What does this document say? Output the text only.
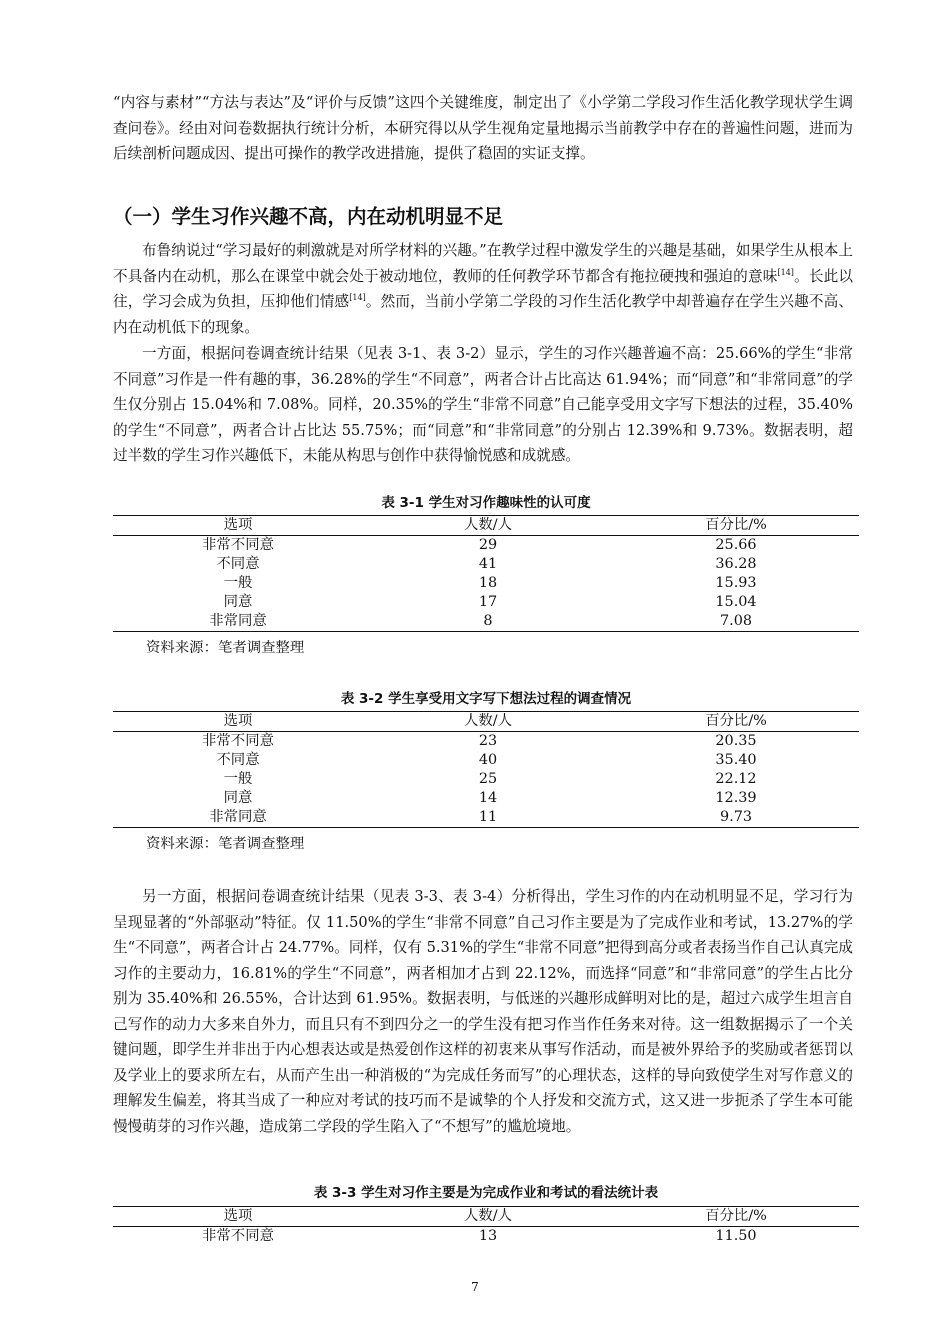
“内容与素材”“方法与表达”及“评价与反馈”这四个关键维度，制定出了《小学第二学段习作生活化教学现状学生调查问卷》。经由对问卷数据执行统计分析，本研究得以从学生视角定量地揭示当前教学中存在的普遍性问题，进而为后续剖析问题成因、提出可操作的教学改进措施，提供了稳固的实证支撑。

（一）学生习作兴趣不高，内在动机明显不足

布鲁纳说过“学习最好的刺激就是对所学材料的兴趣。”在教学过程中激发学生的兴趣是基础，如果学生从根本上不具备内在动机，那么在课堂中就会处于被动地位，教师的任何教学环节都含有拖拉硬拽和强迫的意味[14]。长此以往，学习会成为负担，压抑他们情感[14]。然而，当前小学第二学段的习作生活化教学中却普遍存在学生兴趣不高、内在动机低下的现象。

一方面，根据问卷调查统计结果（见表 3-1、表 3-2）显示，学生的习作兴趣普遍不高：25.66%的学生“非常不同意”习作是一件有趣的事，36.28%的学生“不同意”，两者合计占比高达 61.94%；而“同意”和“非常同意”的学生仅分别占 15.04%和 7.08%。同样，20.35%的学生“非常不同意”自己能享受用文字写下想法的过程，35.40%的学生“不同意”，两者合计占比达 55.75%；而“同意”和“非常同意”的分别占 12.39%和 9.73%。数据表明，超过半数的学生习作兴趣低下，未能从构思与创作中获得愉悦感和成就感。

表 3-1 学生对习作趣味性的认可度

选项	人数/人	百分比/%
非常不同意	29	25.66
不同意	41	36.28
一般	18	15.93
同意	17	15.04
非常同意	8	7.08

资料来源：笔者调查整理

表 3-2 学生享受用文字写下想法过程的调查情况

选项	人数/人	百分比/%
非常不同意	23	20.35
不同意	40	35.40
一般	25	22.12
同意	14	12.39
非常同意	11	9.73

资料来源：笔者调查整理

另一方面，根据问卷调查统计结果（见表 3-3、表 3-4）分析得出，学生习作的内在动机明显不足，学习行为呈现显著的“外部驱动”特征。仅 11.50%的学生“非常不同意”自己习作主要是为了完成作业和考试，13.27%的学生“不同意”，两者合计占 24.77%。同样，仅有 5.31%的学生“非常不同意”把得到高分或者表扬当作自己认真完成习作的主要动力，16.81%的学生“不同意”，两者相加才占到 22.12%，而选择“同意”和“非常同意”的学生占比分别为 35.40%和 26.55%，合计达到 61.95%。数据表明，与低迷的兴趣形成鲜明对比的是，超过六成学生坦言自己写作的动力大多来自外力，而且只有不到四分之一的学生没有把习作当作任务来对待。这一组数据揭示了一个关键问题，即学生并非出于内心想表达或是热爱创作这样的初衷来从事写作活动，而是被外界给予的奖励或者惩罚以及学业上的要求所左右，从而产生出一种消极的“为完成任务而写”的心理状态，这样的导向致使学生对写作意义的理解发生偏差，将其当成了一种应对考试的技巧而不是诚挚的个人抒发和交流方式，这又进一步扼杀了学生本可能慢慢萌芽的习作兴趣，造成第二学段的学生陷入了“不想写”的尴尬境地。

表 3-3 学生对习作主要是为完成作业和考试的看法统计表

选项	人数/人	百分比/%
非常不同意	13	11.50

7
